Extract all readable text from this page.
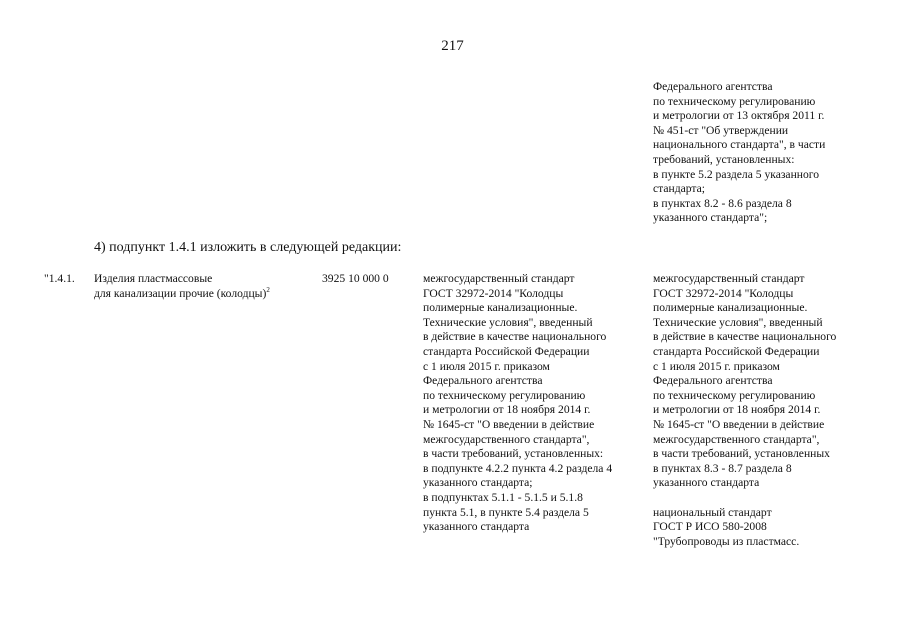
217
Федерального агентства
по техническому регулированию
и метрологии от 13 октября 2011 г.
№ 451-ст "Об утверждении
национального стандарта", в части
требований, установленных:
в пункте 5.2 раздела 5 указанного
стандарта;
в пунктах 8.2 - 8.6 раздела 8
указанного стандарта";
4) подпункт 1.4.1 изложить в следующей редакции:
"1.4.1.	Изделия пластмассовые
для канализации прочие (колодцы)$^2$
3925 10 000 0	межгосударственный стандарт
ГОСТ 32972-2014 "Колодцы
полимерные канализационные.
Технические условия", введенный
в действие в качестве национального
стандарта Российской Федерации
с 1 июля 2015 г. приказом
Федерального агентства
по техническому регулированию
и метрологии от 18 ноября 2014 г.
№ 1645-ст "О введении в действие
межгосударственного стандарта",
в части требований, установленных:
в подпункте 4.2.2 пункта 4.2 раздела 4
указанного стандарта;
в подпунктах 5.1.1 - 5.1.5 и 5.1.8
пункта 5.1, в пункте 5.4 раздела 5
указанного стандарта
межгосударственный стандарт
ГОСТ 32972-2014 "Колодцы
полимерные канализационные.
Технические условия", введенный
в действие в качестве национального
стандарта Российской Федерации
с 1 июля 2015 г. приказом
Федерального агентства
по техническому регулированию
и метрологии от 18 ноября 2014 г.
№ 1645-ст "О введении в действие
межгосударственного стандарта",
в части требований, установленных
в пунктах 8.3 - 8.7 раздела 8
указанного стандарта

национальный стандарт
ГОСТ Р ИСО 580-2008
"Трубопроводы из пластмасс.
